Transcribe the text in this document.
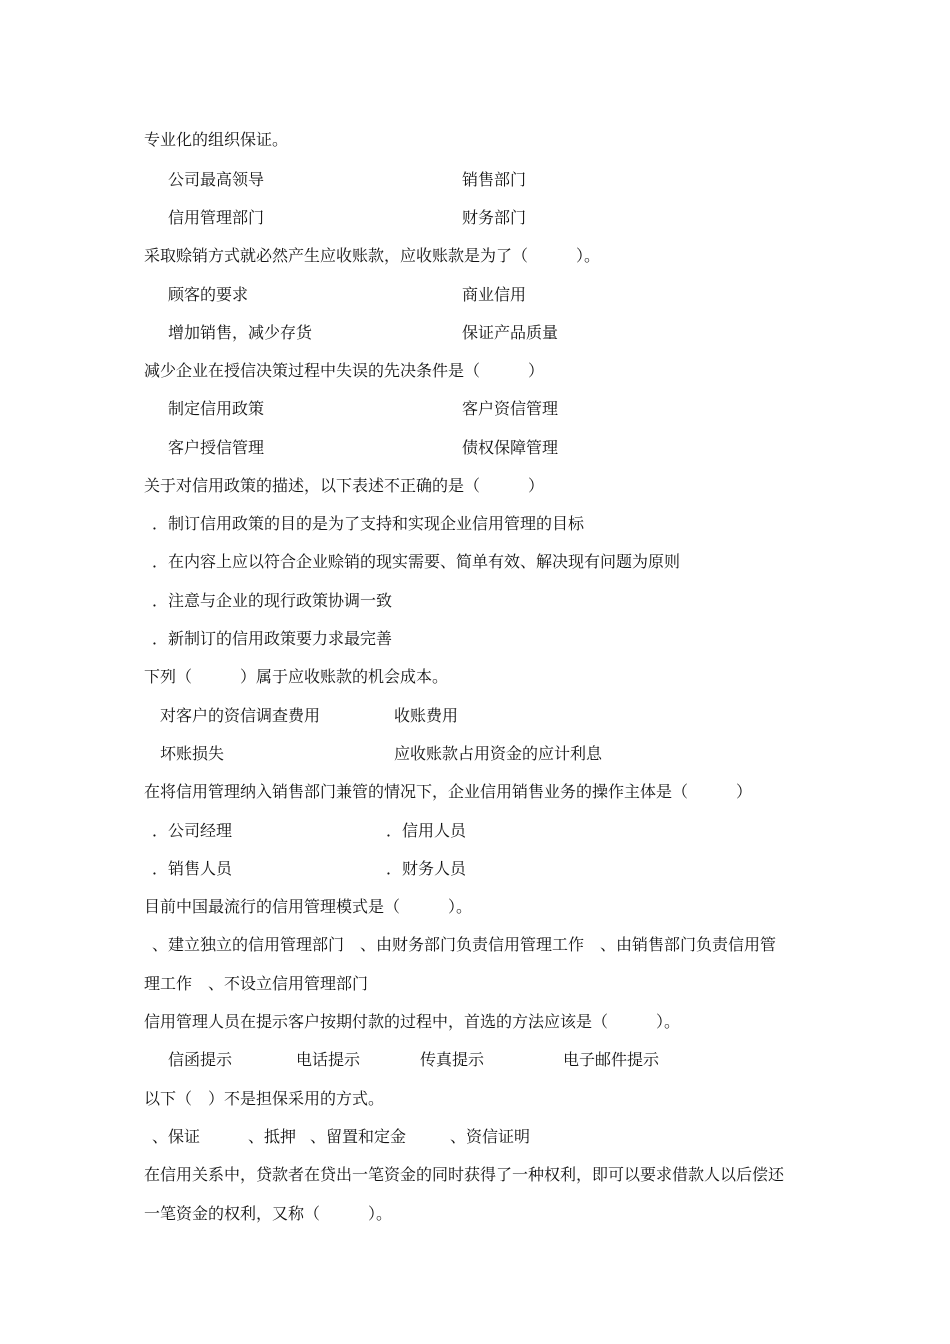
专业化的组织保证。
公司最高领导	销售部门
信用管理部门	财务部门
采取赊销方式就必然产生应收账款，应收账款是为了（　　　）。
顾客的要求	商业信用
增加销售，减少存货	保证产品质量
减少企业在授信决策过程中失误的先决条件是（　　　）
制定信用政策	客户资信管理
客户授信管理	债权保障管理
关于对信用政策的描述，以下表述不正确的是（　　　）
．制订信用政策的目的是为了支持和实现企业信用管理的目标
．在内容上应以符合企业赊销的现实需要、简单有效、解决现有问题为原则
．注意与企业的现行政策协调一致
．新制订的信用政策要力求最完善
下列（　　　）属于应收账款的机会成本。
对客户的资信调查费用	收账费用
坏账损失	应收账款占用资金的应计利息
在将信用管理纳入销售部门兼管的情况下，企业信用销售业务的操作主体是（　　　）
．公司经理	．信用人员
．销售人员	．财务人员
目前中国最流行的信用管理模式是（　　　）。
、建立独立的信用管理部门　、由财务部门负责信用管理工作　、由销售部门负责信用管
理工作　、不设立信用管理部门
信用管理人员在提示客户按期付款的过程中，首选的方法应该是（　　　）。
信函提示	电话提示	传真提示	电子邮件提示
以下（　）不是担保采用的方式。
、保证	、抵押 、留置和定金	、资信证明
在信用关系中，贷款者在贷出一笔资金的同时获得了一种权利，即可以要求借款人以后偿还
一笔资金的权利，又称（　　　）。
